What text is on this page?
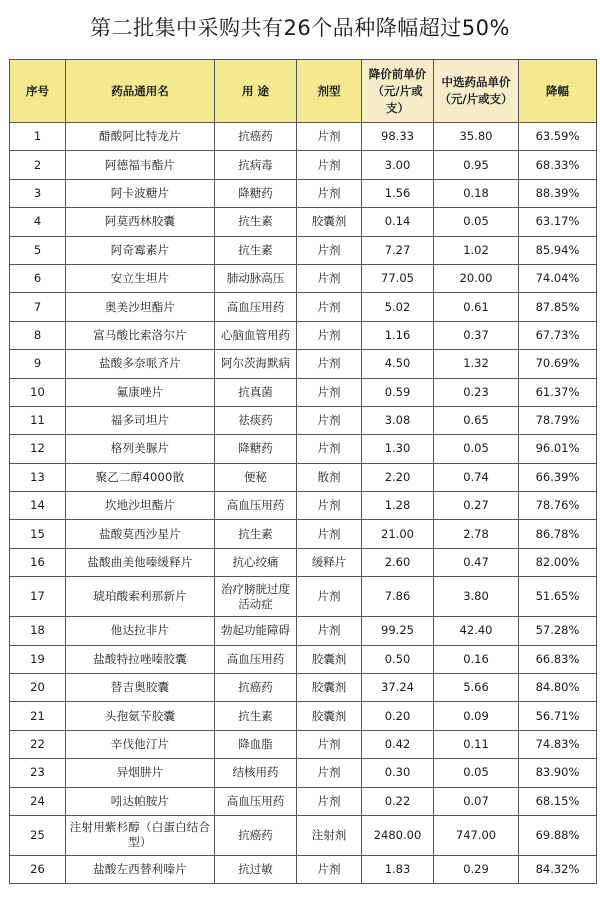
第二批集中采购共有26个品种降幅超过50%
序号	药品通用名	用 途	剂型	降价前单价（元/片或支）	中选药品单价（元/片或支）	降幅
1	醋酸阿比特龙片	抗癌药	片剂	98.33	35.80	63.59%
2	阿德福韦酯片	抗病毒	片剂	3.00	0.95	68.33%
3	阿卡波糖片	降糖药	片剂	1.56	0.18	88.39%
4	阿莫西林胶囊	抗生素	胶囊剂	0.14	0.05	63.17%
5	阿奇霉素片	抗生素	片剂	7.27	1.02	85.94%
6	安立生坦片	肺动脉高压	片剂	77.05	20.00	74.04%
7	奥美沙坦酯片	高血压用药	片剂	5.02	0.61	87.85%
8	富马酸比索洛尔片	心脑血管用药	片剂	1.16	0.37	67.73%
9	盐酸多奈哌齐片	阿尔茨海默病	片剂	4.50	1.32	70.69%
10	氟康唑片	抗真菌	片剂	0.59	0.23	61.37%
11	福多司坦片	祛痰药	片剂	3.08	0.65	78.79%
12	格列美脲片	降糖药	片剂	1.30	0.05	96.01%
13	聚乙二醇4000散	便秘	散剂	2.20	0.74	66.39%
14	坎地沙坦酯片	高血压用药	片剂	1.28	0.27	78.76%
15	盐酸莫西沙星片	抗生素	片剂	21.00	2.78	86.78%
16	盐酸曲美他嗪缓释片	抗心绞痛	缓释片	2.60	0.47	82.00%
17	琥珀酸索利那新片	治疗膀胱过度活动症	片剂	7.86	3.80	51.65%
18	他达拉非片	勃起功能障碍	片剂	99.25	42.40	57.28%
19	盐酸特拉唑嗪胶囊	高血压用药	胶囊剂	0.50	0.16	66.83%
20	替吉奥胶囊	抗癌药	胶囊剂	37.24	5.66	84.80%
21	头孢氨苄胶囊	抗生素	胶囊剂	0.20	0.09	56.71%
22	辛伐他汀片	降血脂	片剂	0.42	0.11	74.83%
23	异烟肼片	结核用药	片剂	0.30	0.05	83.90%
24	吲达帕胺片	高血压用药	片剂	0.22	0.07	68.15%
25	注射用紫杉醇（白蛋白结合型）	抗癌药	注射剂	2480.00	747.00	69.88%
26	盐酸左西替利嗪片	抗过敏	片剂	1.83	0.29	84.32%
